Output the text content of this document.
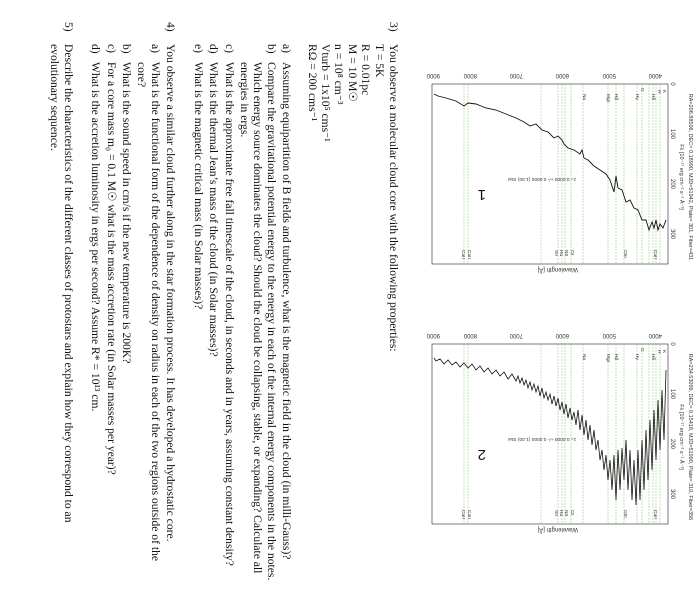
RA=206.88506, DEC= 0.18990, MJD=51942, Plate= 301, Fiber=431
Fλ [10⁻¹⁷ erg cm⁻² s⁻¹ Å⁻¹]
0
100
200
300
4000
5000
6000
7000
8000
9000
K
H
CaII
Hδ
G
Hγ
OIII
Hβ
MgI
Na
OI
NII
Hα
SII
CaII
CaII
Wavelength [Å]
z= 0.0000 +/- 0.0000 (1.00) Star
1
RA=234.53099, DEC= 0.15418, MJD=51990, Plate= 310, Fiber=356
Fλ [10⁻¹⁷ erg cm⁻² s⁻¹ Å⁻¹]
0
100
200
300
4000
5000
6000
7000
8000
9000
K
H
CaII
Hδ
G
Hγ
OIII
Hβ
MgI
Na
OI
NII
Hα
SII
CaII
CaII
Wavelength [Å]
z= 0.0000 +/- 0.0000 (1.00) Star
2
3)

You observe a molecular cloud core with the following properties:

T = 5K

R = 0.01pc

M = 10 M☉

n = 10⁸ cm⁻³

Vturb = 1x10⁵ cms⁻¹

RΩ = 200 cms⁻¹

a)

Assuming equipartition of B fields and turbulence, what is the magnetic field in the cloud (in milli-Gauss)?

b)

Compare the gravitational potential energy to the energy in each of the internal energy components in the notes. Which energy source dominates the cloud? Should the cloud be collapsing, stable, or expanding? Calculate all energies in ergs.

c)

What is the approximate free fall timescale of the cloud, in seconds and in years, assuming constant density?

d)

What is the thermal Jean’s mass of the cloud (in Solar masses)?

e)

What is the magnetic critical mass (in Solar masses)?

4)

You observe a similar cloud further along in the star formation process. It has developed a hydrostatic core.

a)

What is the functional form of the dependence of density on radius in each of the two regions outside of the core?

b)

What is the sound speed in cm/s if the new temperature is 200K?

c)

For a core mass m₀ = 0.1 M☉ what is the mass accretion rate (in Solar masses per year)?

d)

What is the accretion luminosity in ergs per second? Assume R* = 10¹³ cm.

5)

Describe the characteristics of the different classes of protostars and explain how they correspond to an evolutionary sequence.
